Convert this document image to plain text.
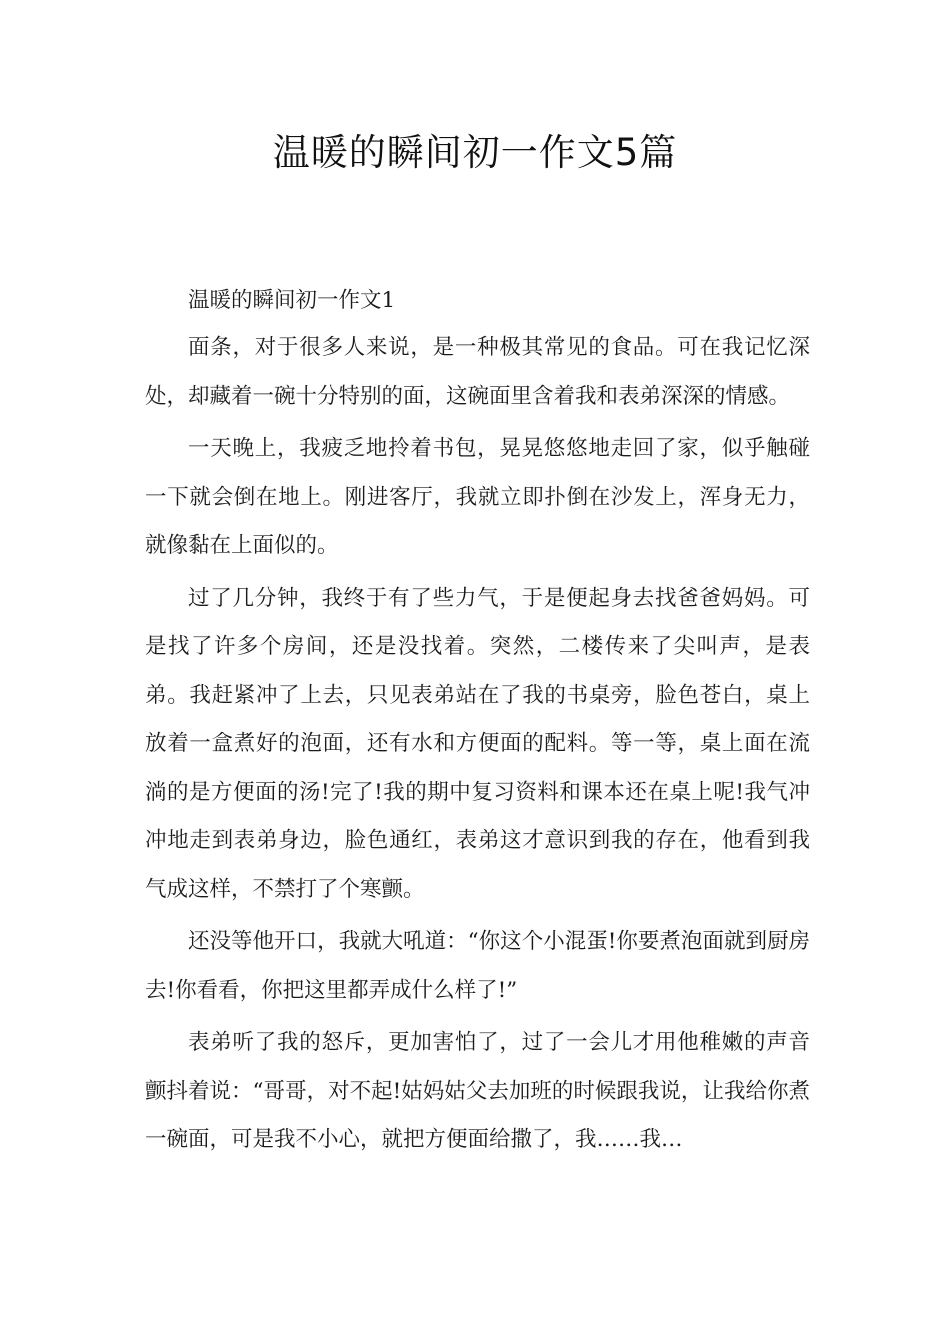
温暖的瞬间初一作文5篇

温暖的瞬间初一作文1

面条，对于很多人来说，是一种极其常见的食品。可在我记忆深处，却藏着一碗十分特别的面，这碗面里含着我和表弟深深的情感。

一天晚上，我疲乏地拎着书包，晃晃悠悠地走回了家，似乎触碰一下就会倒在地上。刚进客厅，我就立即扑倒在沙发上，浑身无力，就像黏在上面似的。

过了几分钟，我终于有了些力气，于是便起身去找爸爸妈妈。可是找了许多个房间，还是没找着。突然，二楼传来了尖叫声，是表弟。我赶紧冲了上去，只见表弟站在了我的书桌旁，脸色苍白，桌上放着一盒煮好的泡面，还有水和方便面的配料。等一等，桌上面在流淌的是方便面的汤!完了!我的期中复习资料和课本还在桌上呢!我气冲冲地走到表弟身边，脸色通红，表弟这才意识到我的存在，他看到我气成这样，不禁打了个寒颤。

还没等他开口，我就大吼道：“你这个小混蛋!你要煮泡面就到厨房去!你看看，你把这里都弄成什么样了!”

表弟听了我的怒斥，更加害怕了，过了一会儿才用他稚嫩的声音颤抖着说：“哥哥，对不起!姑妈姑父去加班的时候跟我说，让我给你煮一碗面，可是我不小心，就把方便面给撒了，我……我…
